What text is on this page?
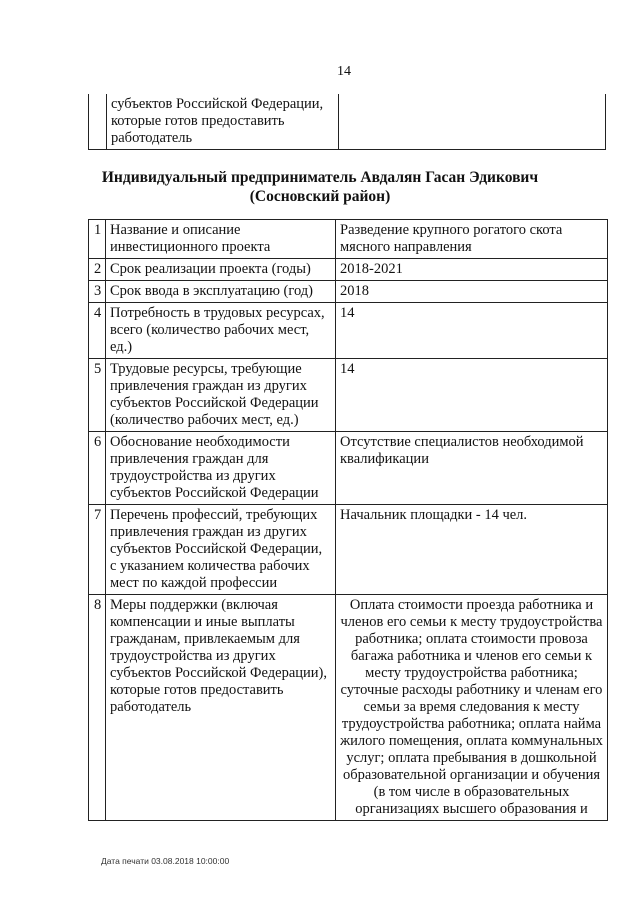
14

субъектов Российской Федерации,
которые готов предоставить
работодатель

Индивидуальный предприниматель Авдалян Гасан Эдикович
(Сосновский район)
1	Название и описание инвестиционного проекта	Разведение крупного рогатого скота мясного направления
2	Срок реализации проекта (годы)	2018-2021
3	Срок ввода в эксплуатацию (год)	2018
4	Потребность в трудовых ресурсах, всего (количество рабочих мест, ед.)	14
5	Трудовые ресурсы, требующие привлечения граждан из других субъектов Российской Федерации (количество рабочих мест, ед.)	14
6	Обоснование необходимости привлечения граждан для трудоустройства из других субъектов Российской Федерации	Отсутствие специалистов необходимой квалификации
7	Перечень профессий, требующих привлечения граждан из других субъектов Российской Федерации, с указанием количества рабочих мест по каждой профессии	Начальник площадки - 14 чел.
8	Меры поддержки (включая компенсации и иные выплаты гражданам, привлекаемым для трудоустройства из других субъектов Российской Федерации), которые готов предоставить работодатель	Оплата стоимости проезда работника и членов его семьи к месту трудоустройства работника; оплата стоимости провоза багажа работника и членов его семьи к месту трудоустройства работника; суточные расходы работнику и членам его семьи за время следования к месту трудоустройства работника; оплата найма жилого помещения, оплата коммунальных услуг; оплата пребывания в дошкольной образовательной организации и обучения (в том числе в образовательных организациях высшего образования и
Дата печати 03.08.2018 10:00:00
